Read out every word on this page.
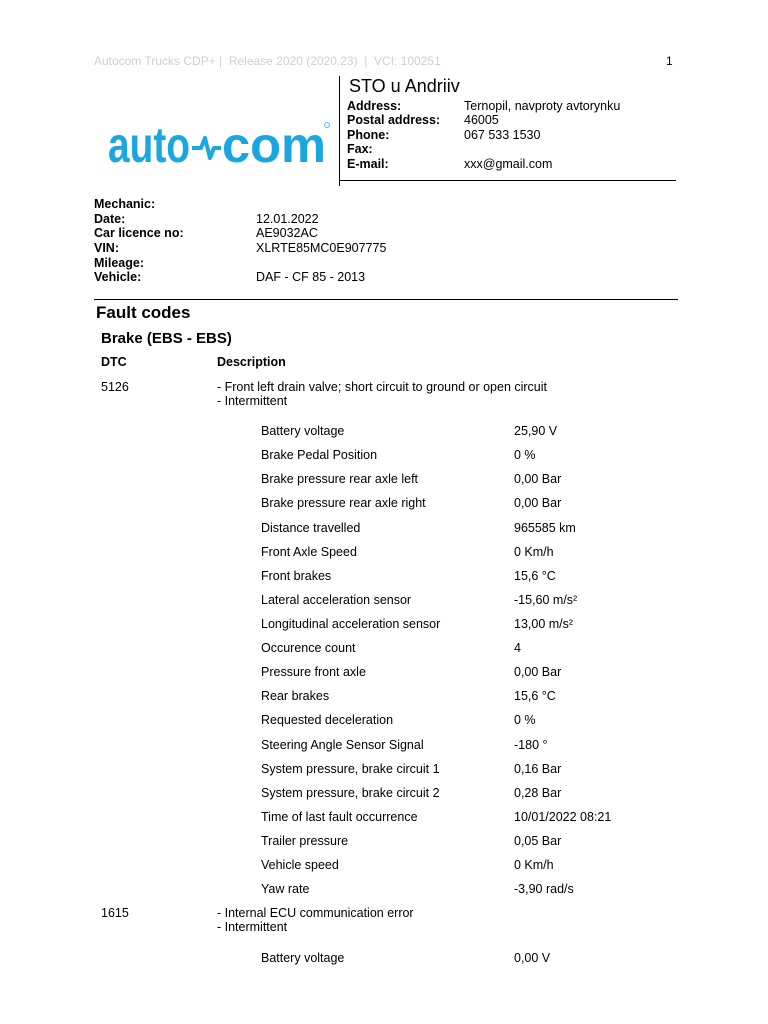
Autocom Trucks CDP+ |  Release 2020 (2020.23)  |  VCI: 100251	1
auto com
STO u Andriiv
Address:	Ternopil, navproty avtorynku
Postal address: 46005
Phone:	067 533 1530
Fax:
E-mail:	xxx@gmail.com
Mechanic:
Date:	12.01.2022
Car licence no:	AE9032AC
VIN:	XLRTE85MC0E907775
Mileage:
Vehicle:	DAF - CF 85 - 2013
Fault codes
Brake (EBS - EBS)
DTC	Description
5126	- Front left drain valve; short circuit to ground or open circuit
- Intermittent
Battery voltage	25,90 V
Brake Pedal Position	0 %
Brake pressure rear axle left	0,00 Bar
Brake pressure rear axle right	0,00 Bar
Distance travelled	965585 km
Front Axle Speed	0 Km/h
Front brakes	15,6 °C
Lateral acceleration sensor	-15,60 m/s²
Longitudinal acceleration sensor	13,00 m/s²
Occurence count	4
Pressure front axle	0,00 Bar
Rear brakes	15,6 °C
Requested deceleration	0 %
Steering Angle Sensor Signal	-180 °
System pressure, brake circuit 1	0,16 Bar
System pressure, brake circuit 2	0,28 Bar
Time of last fault occurrence	10/01/2022 08:21
Trailer pressure	0,05 Bar
Vehicle speed	0 Km/h
Yaw rate	-3,90 rad/s
1615	- Internal ECU communication error
- Intermittent
Battery voltage	0,00 V
